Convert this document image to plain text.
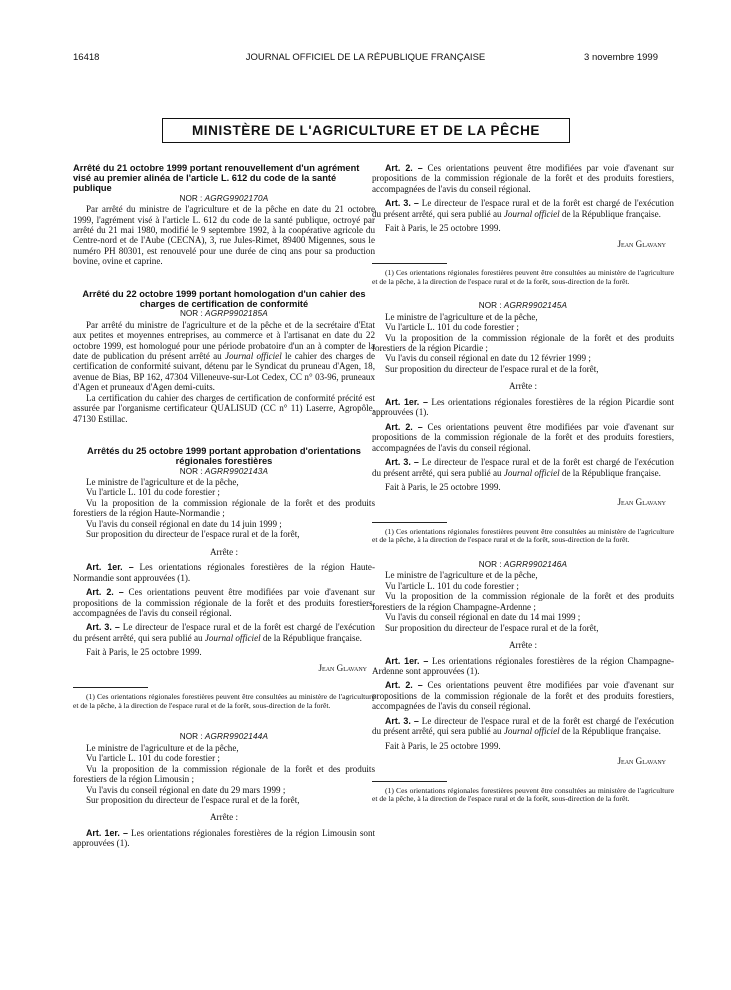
16418	JOURNAL OFFICIEL DE LA RÉPUBLIQUE FRANÇAISE	3 novembre 1999
MINISTÈRE DE L'AGRICULTURE ET DE LA PÊCHE

Arrêté du 21 octobre 1999 portant renouvellement d'un agrément visé au premier alinéa de l'article L. 612 du code de la santé publique

NOR : AGRG9902170A

Par arrêté du ministre de l'agriculture et de la pêche en date du 21 octobre 1999, l'agrément visé à l'article L. 612 du code de la santé publique, octroyé par arrêté du 21 mai 1980, modifié le 9 septembre 1992, à la coopérative agricole du Centre-nord et de l'Aube (CECNA), 3, rue Jules-Rimet, 89400 Migennes, sous le numéro PH 80301, est renouvelé pour une durée de cinq ans pour sa production bovine, ovine et caprine.

Arrêté du 22 octobre 1999 portant homologation d'un cahier des charges de certification de conformité

NOR : AGRP9902185A

Par arrêté du ministre de l'agriculture et de la pêche et de la secrétaire d'Etat aux petites et moyennes entreprises, au commerce et à l'artisanat en date du 22 octobre 1999, est homologué pour une période probatoire d'un an à compter de la date de publication du présent arrêté au Journal officiel le cahier des charges de certification de conformité suivant, détenu par le Syndicat du pruneau d'Agen, 18, avenue de Bias, BP 162, 47304 Villeneuve-sur-Lot Cedex, CC n° 03-96, pruneaux d'Agen et pruneaux d'Agen demi-cuits.

La certification du cahier des charges de certification de conformité précité est assurée par l'organisme certificateur QUALISUD (CC n° 11) Laserre, Agropôle, 47130 Estillac.

Arrêtés du 25 octobre 1999 portant approbation d'orientations régionales forestières

NOR : AGRR9902143A

Le ministre de l'agriculture et de la pêche,

Vu l'article L. 101 du code forestier ;

Vu la proposition de la commission régionale de la forêt et des produits forestiers de la région Haute-Normandie ;

Vu l'avis du conseil régional en date du 14 juin 1999 ;

Sur proposition du directeur de l'espace rural et de la forêt,

Arrête :

Art. 1er. – Les orientations régionales forestières de la région Haute-Normandie sont approuvées (1).

Art. 2. – Ces orientations peuvent être modifiées par voie d'avenant sur propositions de la commission régionale de la forêt et des produits forestiers, accompagnées de l'avis du conseil régional.

Art. 3. – Le directeur de l'espace rural et de la forêt est chargé de l'exécution du présent arrêté, qui sera publié au Journal officiel de la République française.

Fait à Paris, le 25 octobre 1999.

Jean Glavany

(1) Ces orientations régionales forestières peuvent être consultées au ministère de l'agriculture et de la pêche, à la direction de l'espace rural et de la forêt, sous-direction de la forêt.

NOR : AGRR9902144A

Le ministre de l'agriculture et de la pêche,

Vu l'article L. 101 du code forestier ;

Vu la proposition de la commission régionale de la forêt et des produits forestiers de la région Limousin ;

Vu l'avis du conseil régional en date du 29 mars 1999 ;

Sur proposition du directeur de l'espace rural et de la forêt,

Arrête :

Art. 1er. – Les orientations régionales forestières de la région Limousin sont approuvées (1).

Art. 2. – Ces orientations peuvent être modifiées par voie d'avenant sur propositions de la commission régionale de la forêt et des produits forestiers, accompagnées de l'avis du conseil régional.

Art. 3. – Le directeur de l'espace rural et de la forêt est chargé de l'exécution du présent arrêté, qui sera publié au Journal officiel de la République française.

Fait à Paris, le 25 octobre 1999.

Jean Glavany

(1) Ces orientations régionales forestières peuvent être consultées au ministère de l'agriculture et de la pêche, à la direction de l'espace rural et de la forêt, sous-direction de la forêt.

NOR : AGRR9902145A

Le ministre de l'agriculture et de la pêche,

Vu l'article L. 101 du code forestier ;

Vu la proposition de la commission régionale de la forêt et des produits forestiers de la région Picardie ;

Vu l'avis du conseil régional en date du 12 février 1999 ;

Sur proposition du directeur de l'espace rural et de la forêt,

Arrête :

Art. 1er. – Les orientations régionales forestières de la région Picardie sont approuvées (1).

Art. 2. – Ces orientations peuvent être modifiées par voie d'avenant sur propositions de la commission régionale de la forêt et des produits forestiers, accompagnées de l'avis du conseil régional.

Art. 3. – Le directeur de l'espace rural et de la forêt est chargé de l'exécution du présent arrêté, qui sera publié au Journal officiel de la République française.

Fait à Paris, le 25 octobre 1999.

Jean Glavany

(1) Ces orientations régionales forestières peuvent être consultées au ministère de l'agriculture et de la pêche, à la direction de l'espace rural et de la forêt, sous-direction de la forêt.

NOR : AGRR9902146A

Le ministre de l'agriculture et de la pêche,

Vu l'article L. 101 du code forestier ;

Vu la proposition de la commission régionale de la forêt et des produits forestiers de la région Champagne-Ardenne ;

Vu l'avis du conseil régional en date du 14 mai 1999 ;

Sur proposition du directeur de l'espace rural et de la forêt,

Arrête :

Art. 1er. – Les orientations régionales forestières de la région Champagne-Ardenne sont approuvées (1).

Art. 2. – Ces orientations peuvent être modifiées par voie d'avenant sur propositions de la commission régionale de la forêt et des produits forestiers, accompagnées de l'avis du conseil régional.

Art. 3. – Le directeur de l'espace rural et de la forêt est chargé de l'exécution du présent arrêté, qui sera publié au Journal officiel de la République française.

Fait à Paris, le 25 octobre 1999.

Jean Glavany

(1) Ces orientations régionales forestières peuvent être consultées au ministère de l'agriculture et de la pêche, à la direction de l'espace rural et de la forêt, sous-direction de la forêt.
